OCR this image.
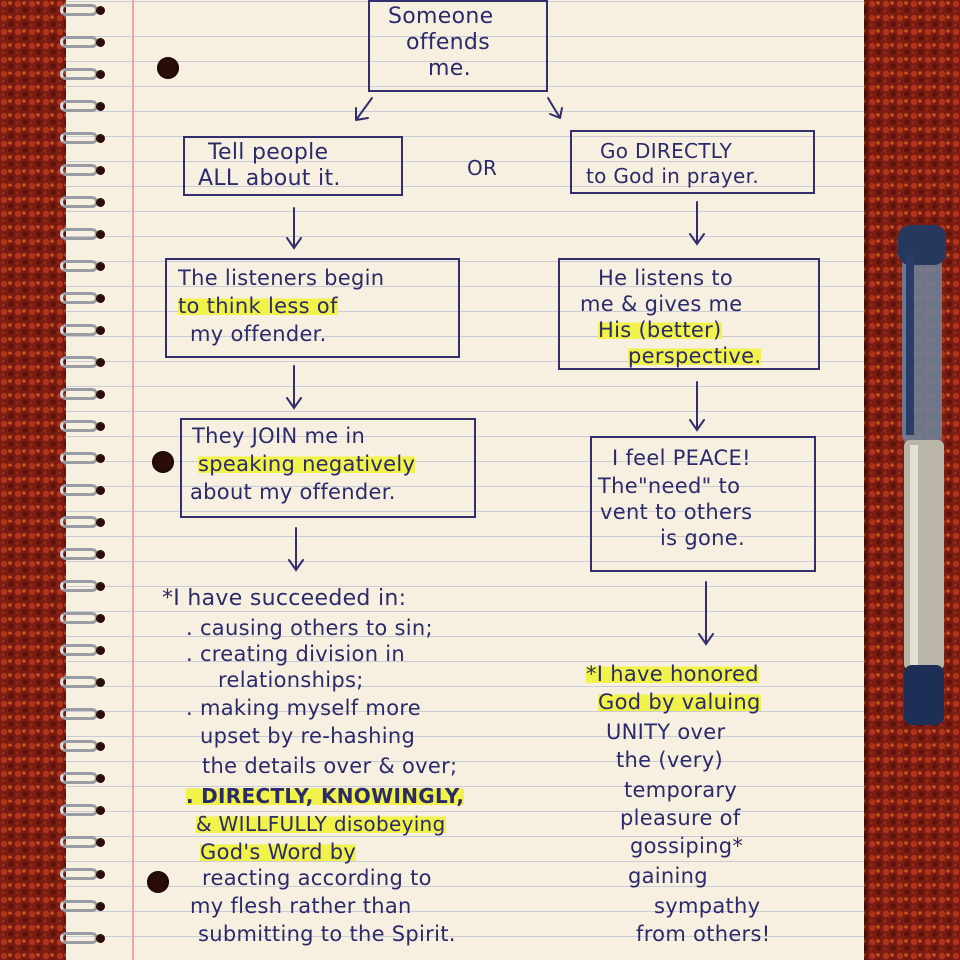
Someone
offends
me.
OR
Tell people
ALL about it.
Go DIRECTLY
to God in prayer.
The listeners begin
to think less of
my offender.
He listens to
me & gives me
His (better)
perspective.
They JOIN me in
speaking negatively
about my offender.
I feel PEACE!
The"need" to
vent to others
is gone.
*I have succeeded in:
. causing others to sin;
. creating division in
relationships;
. making myself more
upset by re-hashing
the details over & over;
. DIRECTLY, KNOWINGLY,
& WILLFULLY disobeying
God's Word by
reacting according to
my flesh rather than
submitting to the Spirit.
*I have honored
God by valuing
UNITY over
the (very)
temporary
pleasure of
gossiping*
gaining
sympathy
from others!
